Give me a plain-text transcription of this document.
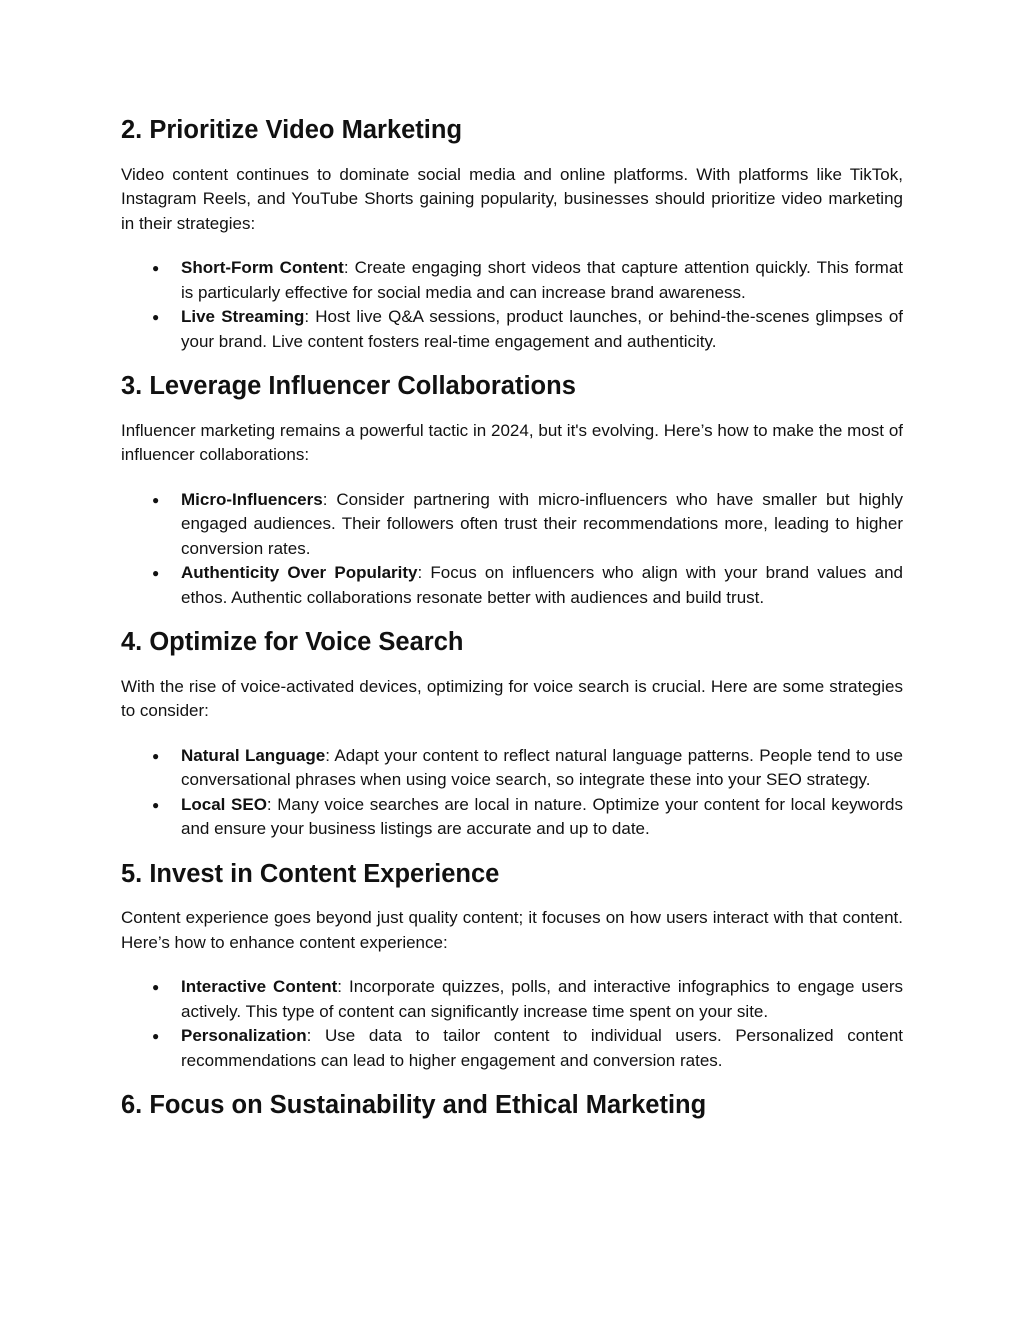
2. Prioritize Video Marketing

Video content continues to dominate social media and online platforms. With platforms like TikTok, Instagram Reels, and YouTube Shorts gaining popularity, businesses should prioritize video marketing in their strategies:

● Short-Form Content: Create engaging short videos that capture attention quickly. This format is particularly effective for social media and can increase brand awareness.
● Live Streaming: Host live Q&A sessions, product launches, or behind-the-scenes glimpses of your brand. Live content fosters real-time engagement and authenticity.
3. Leverage Influencer Collaborations

Influencer marketing remains a powerful tactic in 2024, but it's evolving. Here’s how to make the most of influencer collaborations:

● Micro-Influencers: Consider partnering with micro-influencers who have smaller but highly engaged audiences. Their followers often trust their recommendations more, leading to higher conversion rates.
● Authenticity Over Popularity: Focus on influencers who align with your brand values and ethos. Authentic collaborations resonate better with audiences and build trust.
4. Optimize for Voice Search

With the rise of voice-activated devices, optimizing for voice search is crucial. Here are some strategies to consider:

● Natural Language: Adapt your content to reflect natural language patterns. People tend to use conversational phrases when using voice search, so integrate these into your SEO strategy.
● Local SEO: Many voice searches are local in nature. Optimize your content for local keywords and ensure your business listings are accurate and up to date.
5. Invest in Content Experience

Content experience goes beyond just quality content; it focuses on how users interact with that content. Here’s how to enhance content experience:

● Interactive Content: Incorporate quizzes, polls, and interactive infographics to engage users actively. This type of content can significantly increase time spent on your site.
● Personalization: Use data to tailor content to individual users. Personalized content recommendations can lead to higher engagement and conversion rates.
6. Focus on Sustainability and Ethical Marketing
